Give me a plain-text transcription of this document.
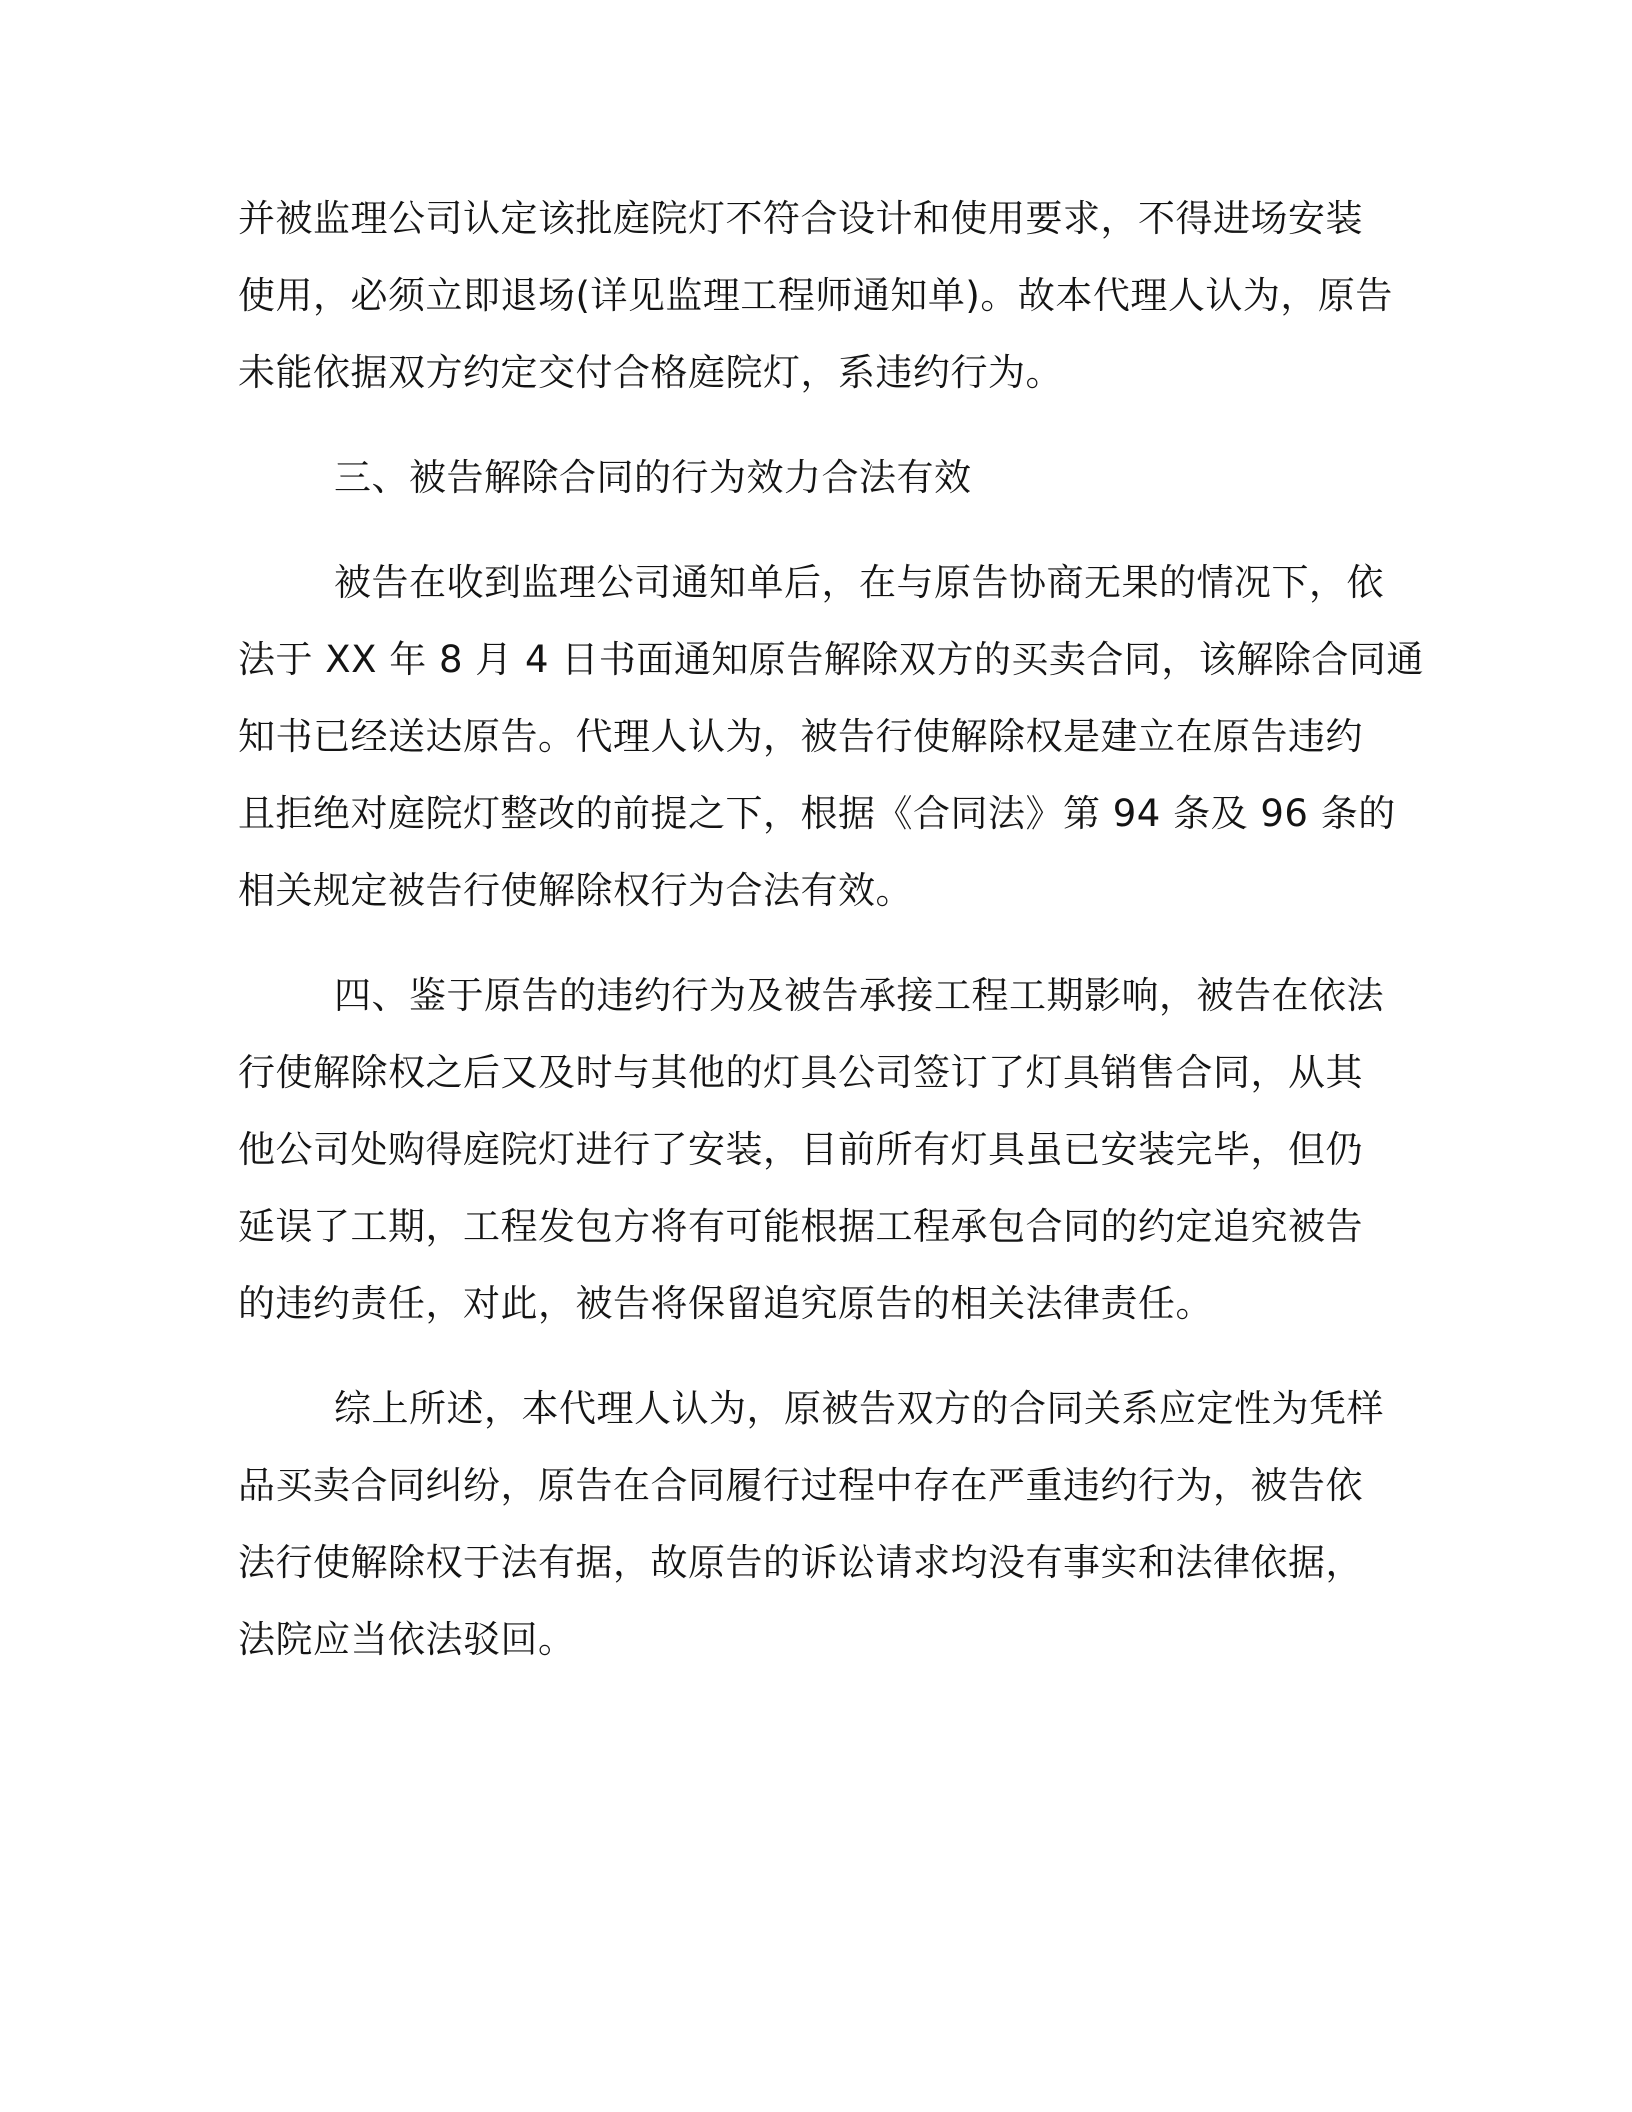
并被监理公司认定该批庭院灯不符合设计和使用要求，不得进场安装
使用，必须立即退场(详见监理工程师通知单)。故本代理人认为，原告
未能依据双方约定交付合格庭院灯，系违约行为。
三、被告解除合同的行为效力合法有效
被告在收到监理公司通知单后，在与原告协商无果的情况下，依
法于 XX 年 8 月 4 日书面通知原告解除双方的买卖合同，该解除合同通
知书已经送达原告。代理人认为，被告行使解除权是建立在原告违约
且拒绝对庭院灯整改的前提之下，根据《合同法》第 94 条及 96 条的
相关规定被告行使解除权行为合法有效。
四、鉴于原告的违约行为及被告承接工程工期影响，被告在依法
行使解除权之后又及时与其他的灯具公司签订了灯具销售合同，从其
他公司处购得庭院灯进行了安装，目前所有灯具虽已安装完毕，但仍
延误了工期，工程发包方将有可能根据工程承包合同的约定追究被告
的违约责任，对此，被告将保留追究原告的相关法律责任。
综上所述，本代理人认为，原被告双方的合同关系应定性为凭样
品买卖合同纠纷，原告在合同履行过程中存在严重违约行为，被告依
法行使解除权于法有据，故原告的诉讼请求均没有事实和法律依据，
法院应当依法驳回。
